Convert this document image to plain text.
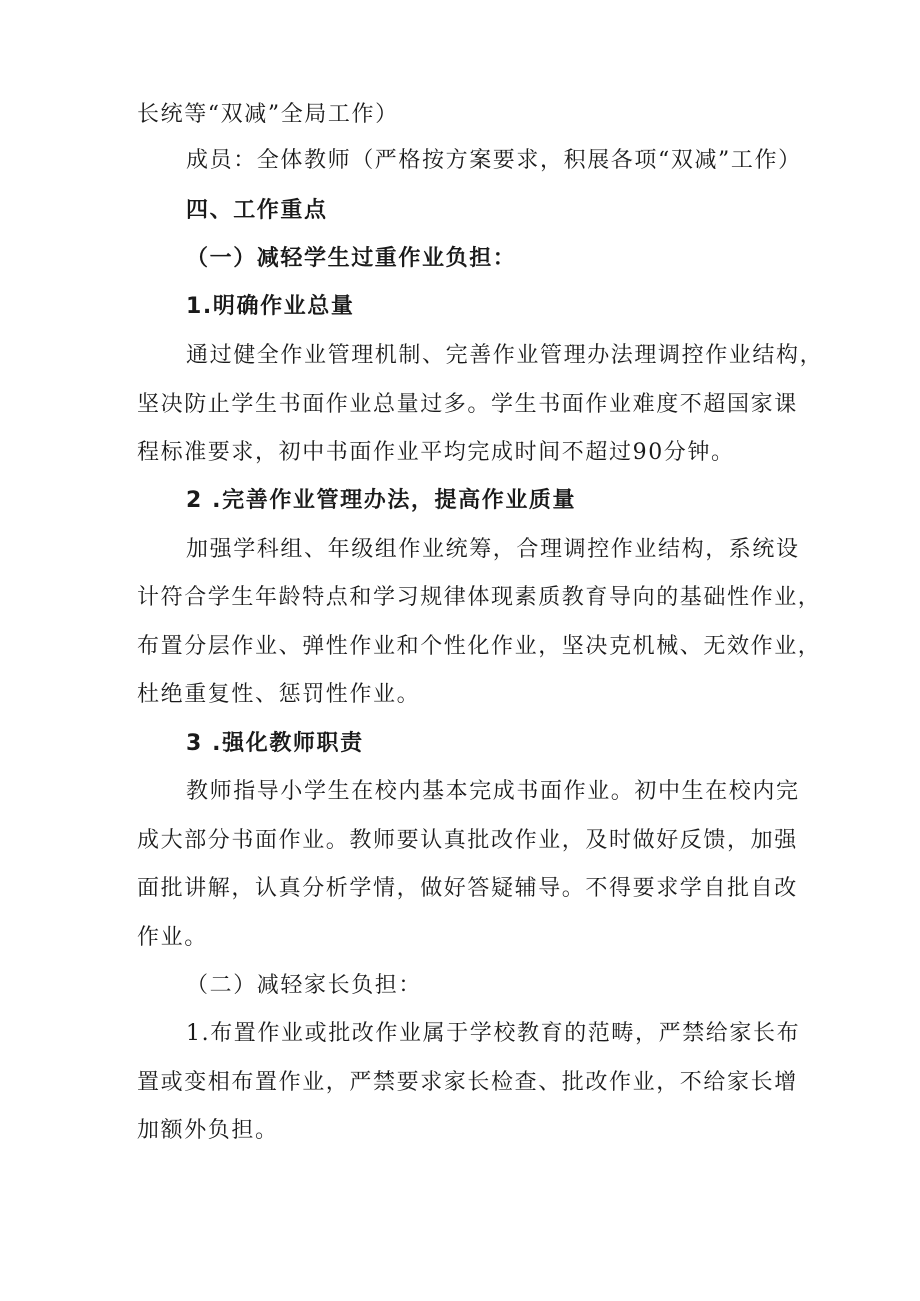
长统等“双减”全局工作）
成员：全体教师（严格按方案要求，积展各项“双减”工作）
四、工作重点
（一）减轻学生过重作业负担：
1.明确作业总量
通过健全作业管理机制、完善作业管理办法理调控作业结构，
坚决防止学生书面作业总量过多。学生书面作业难度不超国家课
程标准要求，初中书面作业平均完成时间不超过90分钟。
2 .完善作业管理办法，提高作业质量
加强学科组、年级组作业统筹，合理调控作业结构，系统设
计符合学生年龄特点和学习规律体现素质教育导向的基础性作业，
布置分层作业、弹性作业和个性化作业，坚决克机械、无效作业，
杜绝重复性、惩罚性作业。
3 .强化教师职责
教师指导小学生在校内基本完成书面作业。初中生在校内完
成大部分书面作业。教师要认真批改作业，及时做好反馈，加强
面批讲解，认真分析学情，做好答疑辅导。不得要求学自批自改
作业。
（二）减轻家长负担：
1.布置作业或批改作业属于学校教育的范畴，严禁给家长布
置或变相布置作业，严禁要求家长检查、批改作业，不给家长增
加额外负担。
